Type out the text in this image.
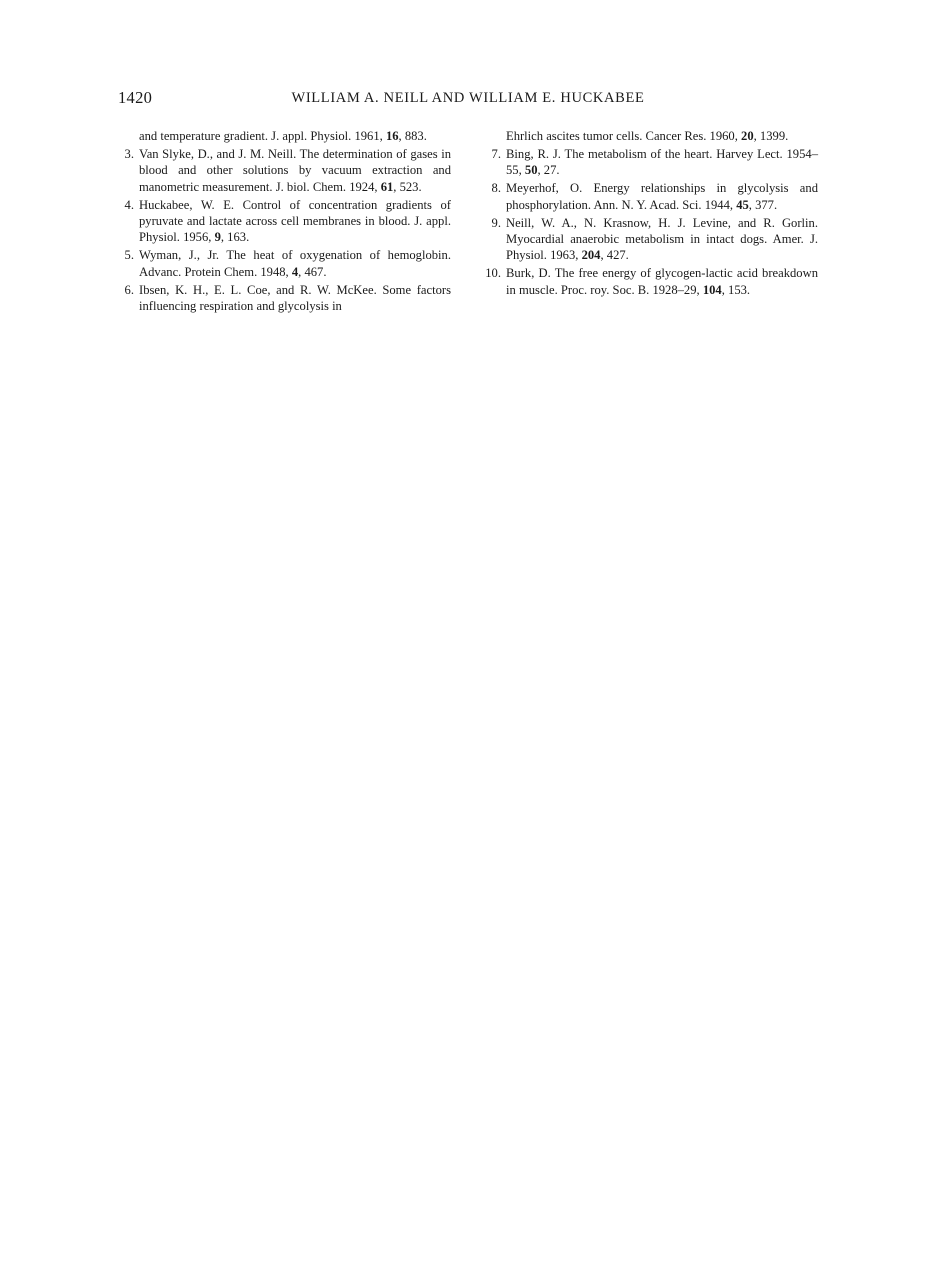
1420	WILLIAM A. NEILL AND WILLIAM E. HUCKABEE
and temperature gradient. J. appl. Physiol. 1961, 16, 883.
3. Van Slyke, D., and J. M. Neill. The determination of gases in blood and other solutions by vacuum extraction and manometric measurement. J. biol. Chem. 1924, 61, 523.
4. Huckabee, W. E. Control of concentration gradients of pyruvate and lactate across cell membranes in blood. J. appl. Physiol. 1956, 9, 163.
5. Wyman, J., Jr. The heat of oxygenation of hemoglobin. Advanc. Protein Chem. 1948, 4, 467.
6. Ibsen, K. H., E. L. Coe, and R. W. McKee. Some factors influencing respiration and glycolysis in
Ehrlich ascites tumor cells. Cancer Res. 1960, 20, 1399.
7. Bing, R. J. The metabolism of the heart. Harvey Lect. 1954–55, 50, 27.
8. Meyerhof, O. Energy relationships in glycolysis and phosphorylation. Ann. N. Y. Acad. Sci. 1944, 45, 377.
9. Neill, W. A., N. Krasnow, H. J. Levine, and R. Gorlin. Myocardial anaerobic metabolism in intact dogs. Amer. J. Physiol. 1963, 204, 427.
10. Burk, D. The free energy of glycogen-lactic acid breakdown in muscle. Proc. roy. Soc. B. 1928–29, 104, 153.
